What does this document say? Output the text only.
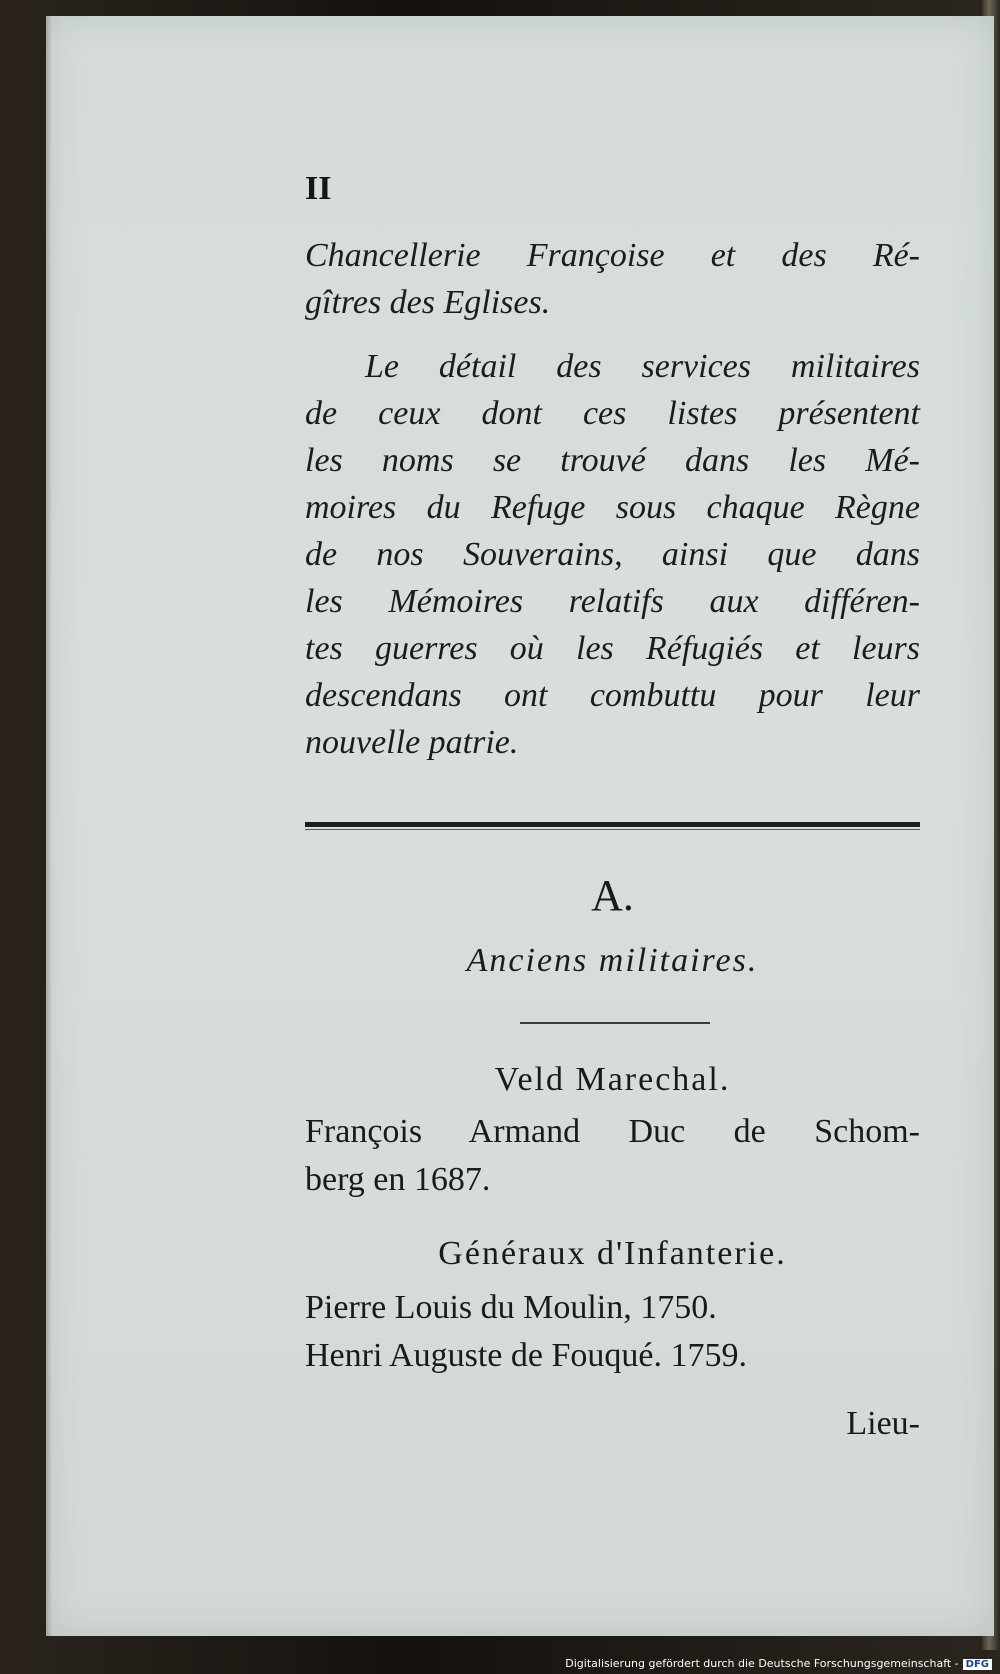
II
Chancellerie Françoise et des Ré-
gîtres des Eglises.
Le détail des services militaires
de ceux dont ces listes présentent
les noms se trouvé dans les Mé-
moires du Refuge sous chaque Règne
de nos Souverains, ainsi que dans
les Mémoires relatifs aux différen-
tes guerres où les Réfugiés et leurs
descendans ont combuttu pour leur
nouvelle patrie.
A.
Anciens militaires.
Veld Marechal.
François Armand Duc de Schom-
berg en 1687.
Généraux d'Infanterie.
Pierre Louis du Moulin, 1750.
Henri Auguste de Fouqué. 1759.
Lieu-
Digitalisierung gefördert durch die Deutsche Forschungsgemeinschaft - DFG
